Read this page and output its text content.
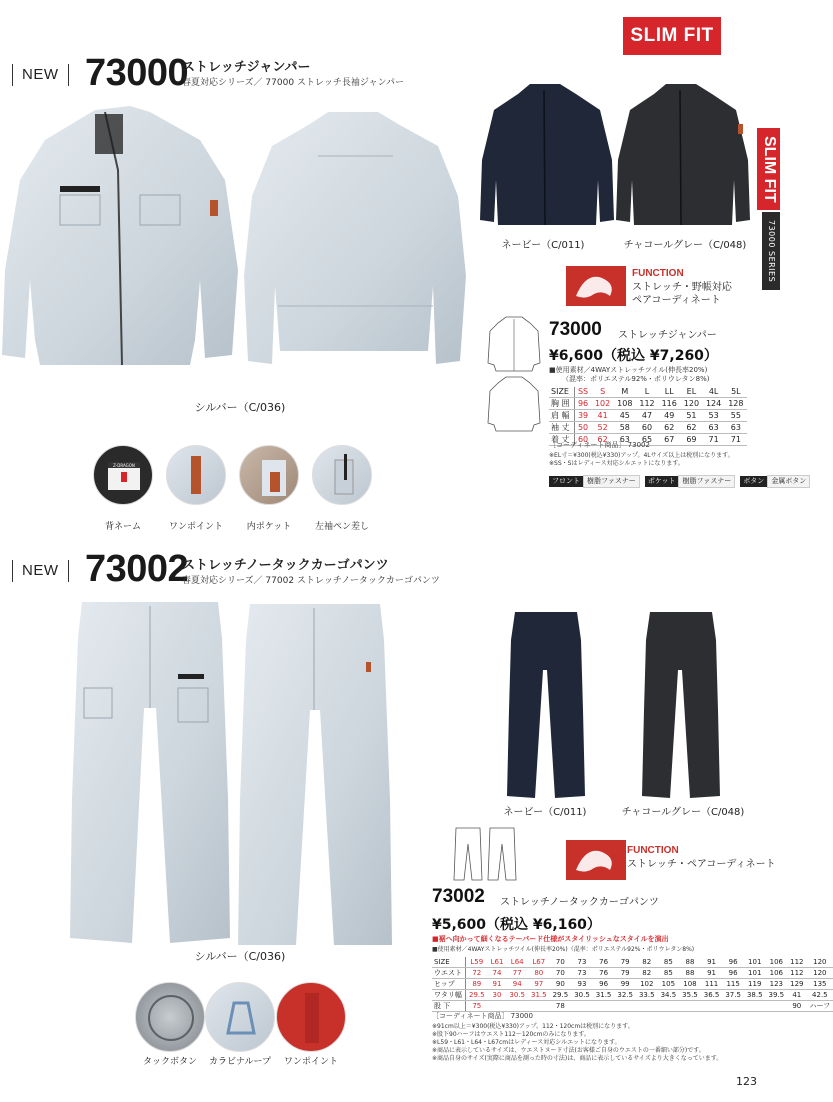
SLIM FIT
SLIM FIT
73000 SERIES
NEW 73000
ストレッチジャンパー
春夏対応シリーズ／ 77000 ストレッチ長袖ジャンパー
シルバー（C/036)
Z-DRAGON
背ネーム	ワンポイント	内ポケット	左袖ペン差し
ネービー（C/011)	チャコールグレー（C/048)
FUNCTION
ストレッチ・野帳対応
ペアコーディネート
73000 ストレッチジャンパー
¥6,600（税込 ¥7,260）
■使用素材／4WAYストレッチツイル(伸長率20%)
（混率：ポリエステル92%・ポリウレタン8%)
SIZE	SS	S	M	L	LL	EL	4L	5L
胸 囲	96	102	108	112	116	120	124	128
肩 幅	39	41	45	47	49	51	53	55
袖 丈	50	52	58	60	62	62	63	63
着 丈	60	62	63	65	67	69	71	71
［コーディネート商品］ 73002
※EL寸＝¥300(税込¥330)アップ。4Lサイズ以上は税別になります。
※SS・Sはレディース対応シルエットになります。
フロント 樹脂ファスナー ポケット 樹脂ファスナー ボタン 金属ボタン
NEW 73002
ストレッチノータックカーゴパンツ
春夏対応シリーズ／ 77002 ストレッチノータックカーゴパンツ
シルバー（C/036)
タックボタン	カラビナループ	ワンポイント
ネービー（C/011)	チャコールグレー（C/048)
FUNCTION
ストレッチ・ペアコーディネート
73002 ストレッチノータックカーゴパンツ
¥5,600（税込 ¥6,160）
■裾へ向かって細くなるテーパード仕様がスタイリッシュなスタイルを演出
■使用素材／4WAYストレッチツイル(伸長率20%)（混率：ポリエステル92%・ポリウレタン8%)
SIZE	L59	L61	L64	L67	70	73	76	79	82	85	88	91	96	101	106	112	120
ウエスト	72	74	77	80	70	73	76	79	82	85	88	91	96	101	106	112	120
ヒップ	89	91	94	97	90	93	96	99	102	105	108	111	115	119	123	129	135
ワタリ幅	29.5	30	30.5	31.5	29.5	30.5	31.5	32.5	33.5	34.5	35.5	36.5	37.5	38.5	39.5	41	42.5
股 下	75				78											90	ハーフ
［コーディネート商品］ 73000
※91cm以上＝¥300(税込¥330)アップ。112・120cmは税別になります。
※股下90ハーフはウエスト112〜120cmのみになります。
※L59・L61・L64・L67cmはレディース対応シルエットになります。
※商品に表示しているサイズは、ウエストヌード寸法(お客様ご自身のウエストの一番細い部分)です。
※商品自身のサイズ(実際に商品を測った時の寸法)は、商品に表示しているサイズより大きくなっています。
123
